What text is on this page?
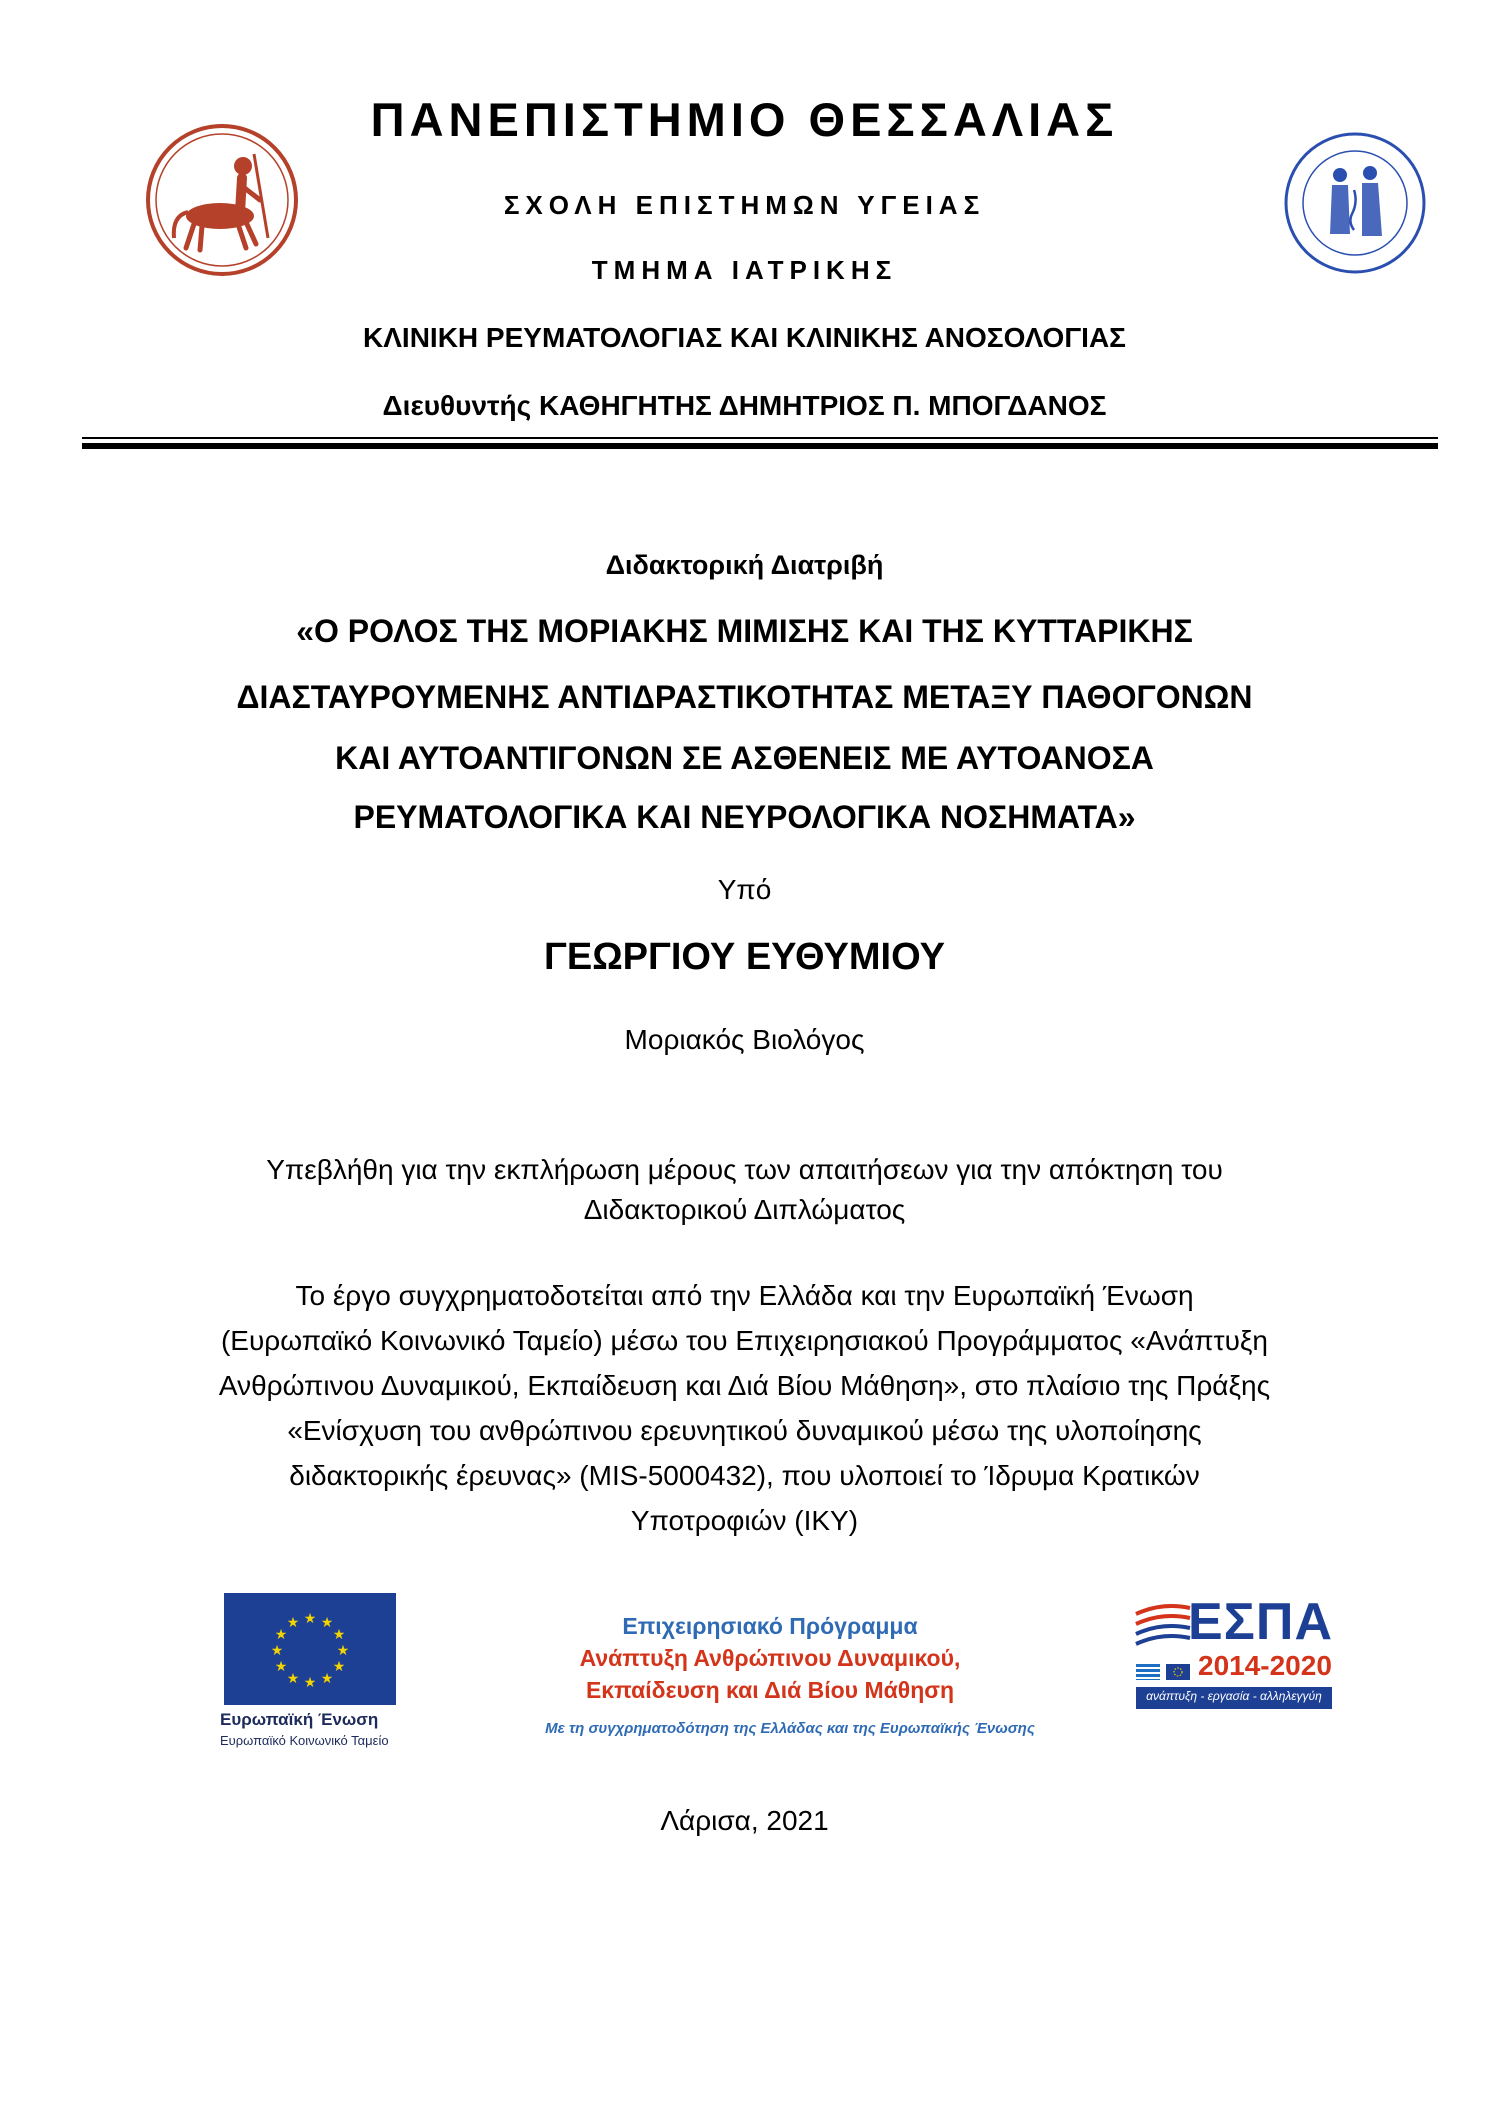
ΠΑΝΕΠΙΣΤΗΜΙΟ ΘΕΣΣΑΛΙΑΣ
ΣΧΟΛΗ ΕΠΙΣΤΗΜΩΝ ΥΓΕΙΑΣ
ΤΜΗΜΑ ΙΑΤΡΙΚΗΣ
ΚΛΙΝΙΚΗ ΡΕΥΜΑΤΟΛΟΓΙΑΣ ΚΑΙ ΚΛΙΝΙΚΗΣ ΑΝΟΣΟΛΟΓΙΑΣ
Διευθυντής ΚΑΘΗΓΗΤΗΣ ΔΗΜΗΤΡΙΟΣ Π. ΜΠΟΓΔΑΝΟΣ
Διδακτορική Διατριβή
«Ο ΡΟΛΟΣ ΤΗΣ ΜΟΡΙΑΚΗΣ ΜΙΜΙΣΗΣ ΚΑΙ ΤΗΣ ΚΥΤΤΑΡΙΚΗΣ
ΔΙΑΣΤΑΥΡΟΥΜΕΝΗΣ ΑΝΤΙΔΡΑΣΤΙΚΟΤΗΤΑΣ ΜΕΤΑΞΥ ΠΑΘΟΓΟΝΩΝ
ΚΑΙ ΑΥΤΟΑΝΤΙΓΟΝΩΝ ΣΕ ΑΣΘΕΝΕΙΣ ΜΕ ΑΥΤΟΑΝΟΣΑ
ΡΕΥΜΑΤΟΛΟΓΙΚΑ ΚΑΙ ΝΕΥΡΟΛΟΓΙΚΑ ΝΟΣΗΜΑΤΑ»
Υπό
ΓΕΩΡΓΙΟΥ ΕΥΘΥΜΙΟΥ
Μοριακός Βιολόγος
Υπεβλήθη για την εκπλήρωση μέρους των απαιτήσεων για την απόκτηση του
Διδακτορικού Διπλώματος
Το έργο συγχρηματοδοτείται από την Ελλάδα και την Ευρωπαϊκή Ένωση
(Ευρωπαϊκό Κοινωνικό Ταμείο) μέσω του Επιχειρησιακού Προγράμματος «Ανάπτυξη
Ανθρώπινου Δυναμικού, Εκπαίδευση και Διά Βίου Μάθηση», στο πλαίσιο της Πράξης
«Ενίσχυση του ανθρώπινου ερευνητικού δυναμικού μέσω της υλοποίησης
διδακτορικής έρευνας» (MIS-5000432), που υλοποιεί το Ίδρυμα Κρατικών
Υποτροφιών (ΙΚΥ)
★ ★
★
★
★
★
★
★
★
★
★
★
Ευρωπαϊκή Ένωση
Ευρωπαϊκό Κοινωνικό Ταμείο
Επιχειρησιακό Πρόγραμμα
Ανάπτυξη Ανθρώπινου Δυναμικού,
Εκπαίδευση και Διά Βίου Μάθηση
Με τη συγχρηματοδότηση της Ελλάδας και της Ευρωπαϊκής Ένωσης
ΕΣΠΑ
2014-2020
ανάπτυξη - εργασία - αλληλεγγύη
Λάρισα, 2021
